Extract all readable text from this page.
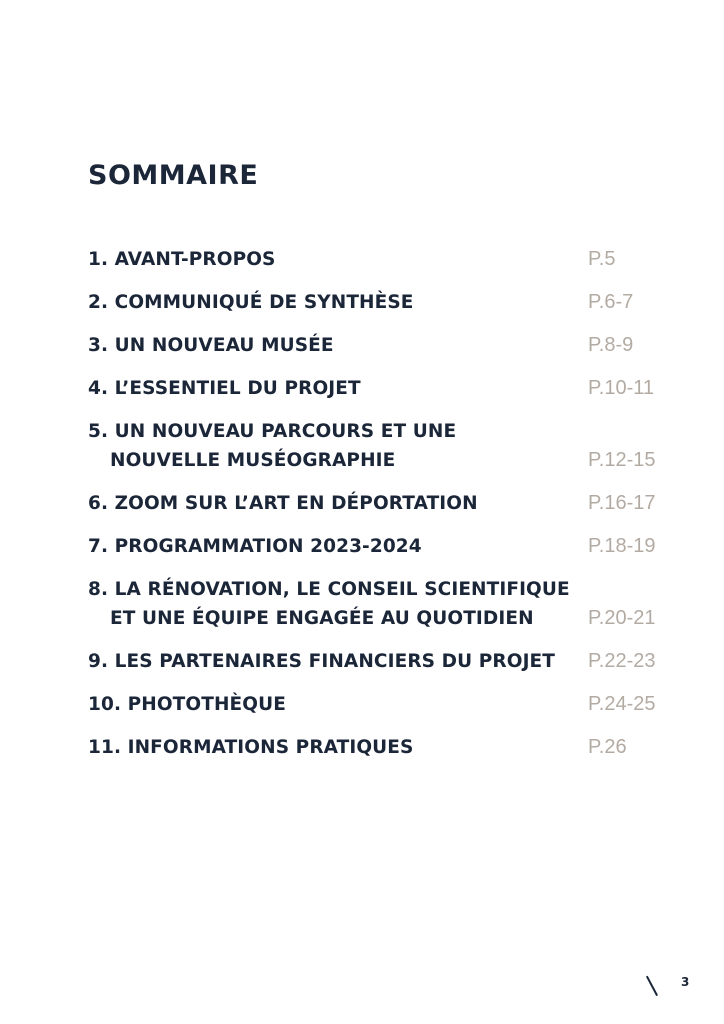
SOMMAIRE
1. AVANT-PROPOS	P.5
2. COMMUNIQUÉ DE SYNTHÈSE	P.6-7
3. UN NOUVEAU MUSÉE	P.8-9
4. L’ESSENTIEL DU PROJET	P.10-11
5. UN NOUVEAU PARCOURS ET UNE
NOUVELLE MUSÉOGRAPHIE	P.12-15
6. ZOOM SUR L’ART EN DÉPORTATION	P.16-17
7. PROGRAMMATION 2023-2024	P.18-19
8. LA RÉNOVATION, LE CONSEIL SCIENTIFIQUE
ET UNE ÉQUIPE ENGAGÉE AU QUOTIDIEN	P.20-21
9. LES PARTENAIRES FINANCIERS DU PROJET	P.22-23
10. PHOTOTHÈQUE	P.24-25
11. INFORMATIONS PRATIQUES	P.26
3
